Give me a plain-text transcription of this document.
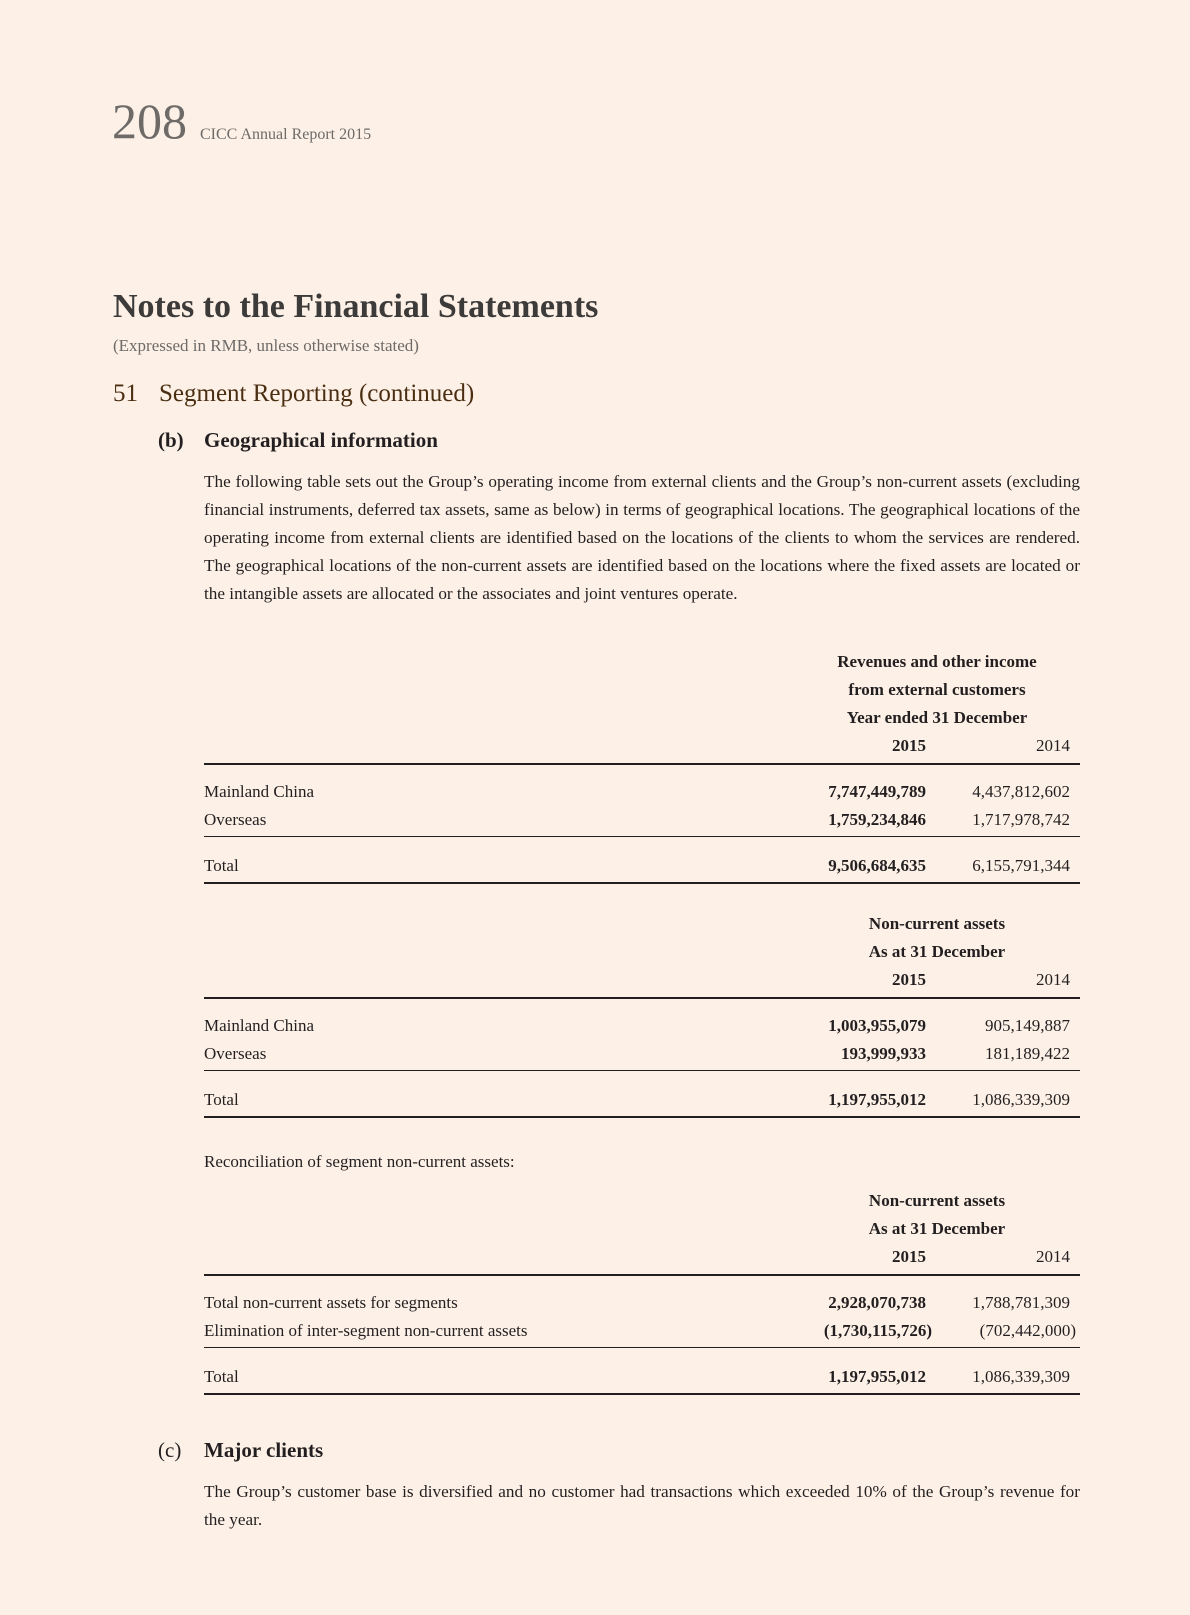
208 CICC Annual Report 2015
Notes to the Financial Statements
(Expressed in RMB, unless otherwise stated)
51 Segment Reporting (continued)
(b) Geographical information
The following table sets out the Group’s operating income from external clients and the Group’s non-current assets (excluding financial instruments, deferred tax assets, same as below) in terms of geographical locations. The geographical locations of the operating income from external clients are identified based on the locations of the clients to whom the services are rendered. The geographical locations of the non-current assets are identified based on the locations where the fixed assets are located or the intangible assets are allocated or the associates and joint ventures operate.
Revenues and other income
from external customers
Year ended 31 December
2015	2014
Mainland China	7,747,449,789	4,437,812,602
Overseas	1,759,234,846	1,717,978,742
Total	9,506,684,635	6,155,791,344
Non-current assets
As at 31 December
2015	2014
Mainland China	1,003,955,079	905,149,887
Overseas	193,999,933	181,189,422
Total	1,197,955,012	1,086,339,309
Reconciliation of segment non-current assets:
Non-current assets
As at 31 December
2015	2014
Total non-current assets for segments	2,928,070,738	1,788,781,309
Elimination of inter-segment non-current assets	(1,730,115,726)	(702,442,000)
Total	1,197,955,012	1,086,339,309
(c) Major clients
The Group’s customer base is diversified and no customer had transactions which exceeded 10% of the Group’s revenue for the year.
